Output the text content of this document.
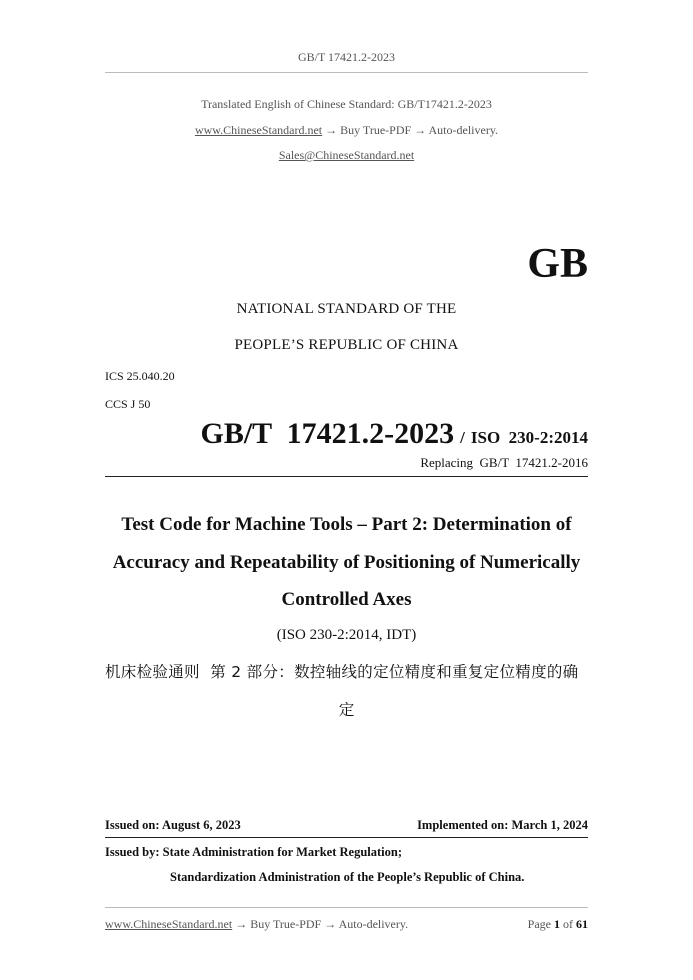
GB/T 17421.2-2023
Translated English of Chinese Standard: GB/T17421.2-2023
www.ChineseStandard.net → Buy True-PDF → Auto-delivery.
Sales@ChineseStandard.net
GB
NATIONAL STANDARD OF THE
PEOPLE’S REPUBLIC OF CHINA
ICS 25.040.20
CCS J 50
GB/T  17421.2-2023 / ISO  230-2:2014
Replacing  GB/T  17421.2-2016
Test Code for Machine Tools – Part 2: Determination of
Accuracy and Repeatability of Positioning of Numerically
Controlled Axes
(ISO 230-2:2014, IDT)
机床检验通则  第 2 部分：数控轴线的定位精度和重复定位精度的确
定
Issued on: August 6, 2023	Implemented on: March 1, 2024
Issued by: State Administration for Market Regulation;
Standardization Administration of the People’s Republic of China.
www.ChineseStandard.net → Buy True-PDF → Auto-delivery.	Page 1 of 61
